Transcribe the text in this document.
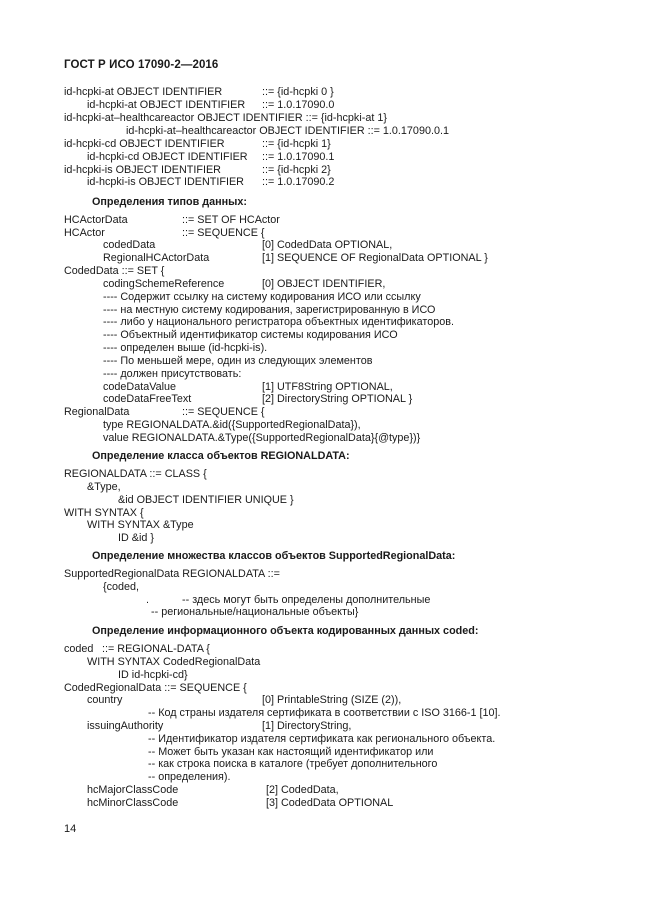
ГОСТ Р ИСО 17090-2—2016
id-hcpki-at OBJECT IDENTIFIER	::= {id-hcpki 0 }
id-hcpki-at OBJECT IDENTIFIER ::= 1.0.17090.0
id-hcpki-at–healthcareactor OBJECT IDENTIFIER ::= {id-hcpki-at 1}
id-hcpki-at–healthcareactor OBJECT IDENTIFIER ::= 1.0.17090.0.1
id-hcpki-cd OBJECT IDENTIFIER	::= {id-hcpki 1}
id-hcpki-cd OBJECT IDENTIFIER ::= 1.0.17090.1
id-hcpki-is OBJECT IDENTIFIER	::= {id-hcpki 2}
id-hcpki-is OBJECT IDENTIFIER ::= 1.0.17090.2
Определения типов данных:
HCActorData	::= SET OF HCActor
HCActor	::= SEQUENCE {
codedData	[0] CodedData OPTIONAL,
RegionalHCActorData	[1] SEQUENCE OF RegionalData OPTIONAL }
CodedData ::= SET {
codingSchemeReference	[0] OBJECT IDENTIFIER,
---- Содержит ссылку на систему кодирования ИСО или ссылку
---- на местную систему кодирования, зарегистрированную в ИСО
---- либо у национального регистратора объектных идентификаторов.
---- Объектный идентификатор системы кодирования ИСО
---- определен выше (id-hcpki-is).
---- По меньшей мере, один из следующих элементов
---- должен присутствовать:
codeDataValue	[1] UTF8String OPTIONAL,
codeDataFreeText	[2] DirectoryString OPTIONAL }
RegionalData	::= SEQUENCE {
type REGIONALDATA.&id({SupportedRegionalData}),
value REGIONALDATA.&Type({SupportedRegionalData}{@type})}
Определение класса объектов REGIONALDATA:
REGIONALDATA ::= CLASS {
&Type,
&id OBJECT IDENTIFIER UNIQUE }
WITH SYNTAX {
WITH SYNTAX &Type
ID &id }
Определение множества классов объектов SupportedRegionalData:
SupportedRegionalData REGIONALDATA ::=
{coded,
.	-- здесь могут быть определены дополнительные
-- региональные/национальные объекты}
Определение информационного объекта кодированных данных coded:
coded ::= REGIONAL-DATA {
WITH SYNTAX CodedRegionalData
ID id-hcpki-cd}
CodedRegionalData ::= SEQUENCE {
country	[0] PrintableString (SIZE (2)),
-- Код страны издателя сертификата в соответствии с ISO 3166-1 [10].
issuingAuthority	[1] DirectoryString,
-- Идентификатор издателя сертификата как регионального объекта.
-- Может быть указан как настоящий идентификатор или
-- как строка поиска в каталоге (требует дополнительного
-- определения).
hcMajorClassCode	[2] CodedData,
hcMinorClassCode	[3] CodedData OPTIONAL
14
